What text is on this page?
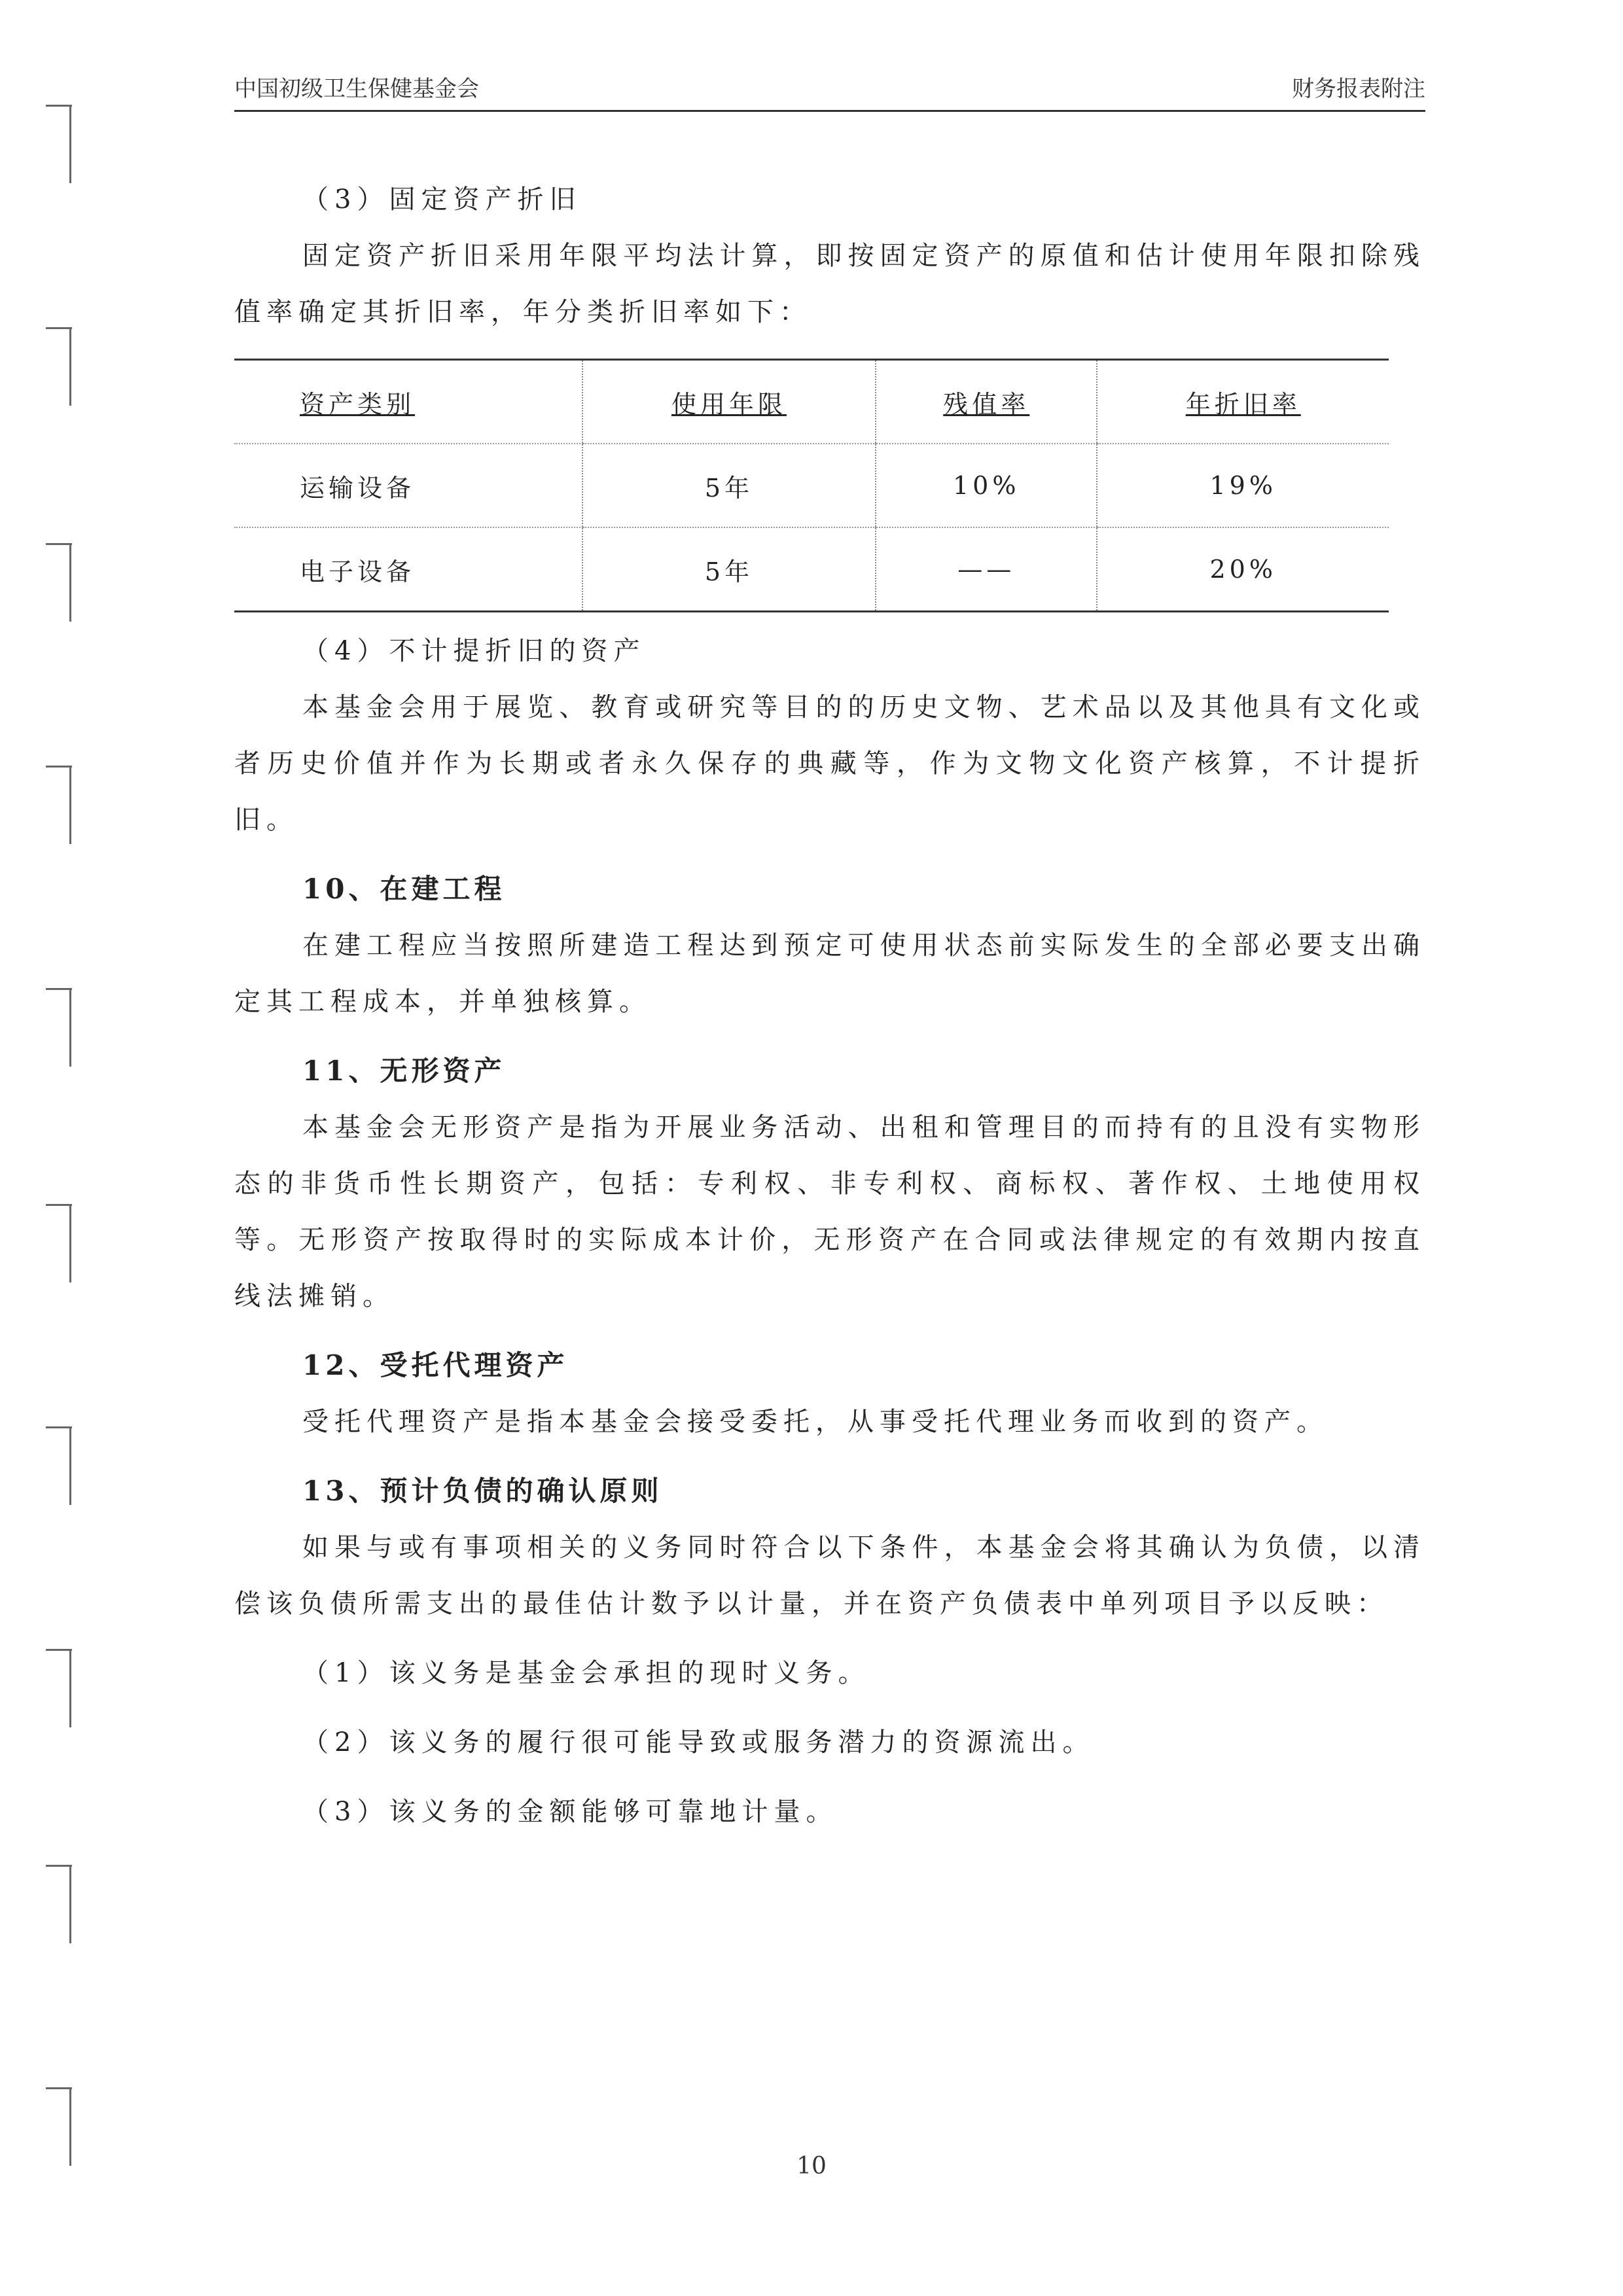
中国初级卫生保健基金会	财务报表附注

（3）固定资产折旧

固定资产折旧采用年限平均法计算，即按固定资产的原值和估计使用年限扣除残值率确定其折旧率，年分类折旧率如下：

资产类别	使用年限	残值率	年折旧率
运输设备	5年	10%	19%
电子设备	5年	——	20%

（4）不计提折旧的资产

本基金会用于展览、教育或研究等目的的历史文物、艺术品以及其他具有文化或者历史价值并作为长期或者永久保存的典藏等，作为文物文化资产核算，不计提折旧。

10、在建工程

在建工程应当按照所建造工程达到预定可使用状态前实际发生的全部必要支出确定其工程成本，并单独核算。

11、无形资产

本基金会无形资产是指为开展业务活动、出租和管理目的而持有的且没有实物形态的非货币性长期资产，包括：专利权、非专利权、商标权、著作权、土地使用权等。无形资产按取得时的实际成本计价，无形资产在合同或法律规定的有效期内按直线法摊销。

12、受托代理资产

受托代理资产是指本基金会接受委托，从事受托代理业务而收到的资产。

13、预计负债的确认原则

如果与或有事项相关的义务同时符合以下条件，本基金会将其确认为负债，以清偿该负债所需支出的最佳估计数予以计量，并在资产负债表中单列项目予以反映：

（1）该义务是基金会承担的现时义务。

（2）该义务的履行很可能导致或服务潜力的资源流出。

（3）该义务的金额能够可靠地计量。

10
